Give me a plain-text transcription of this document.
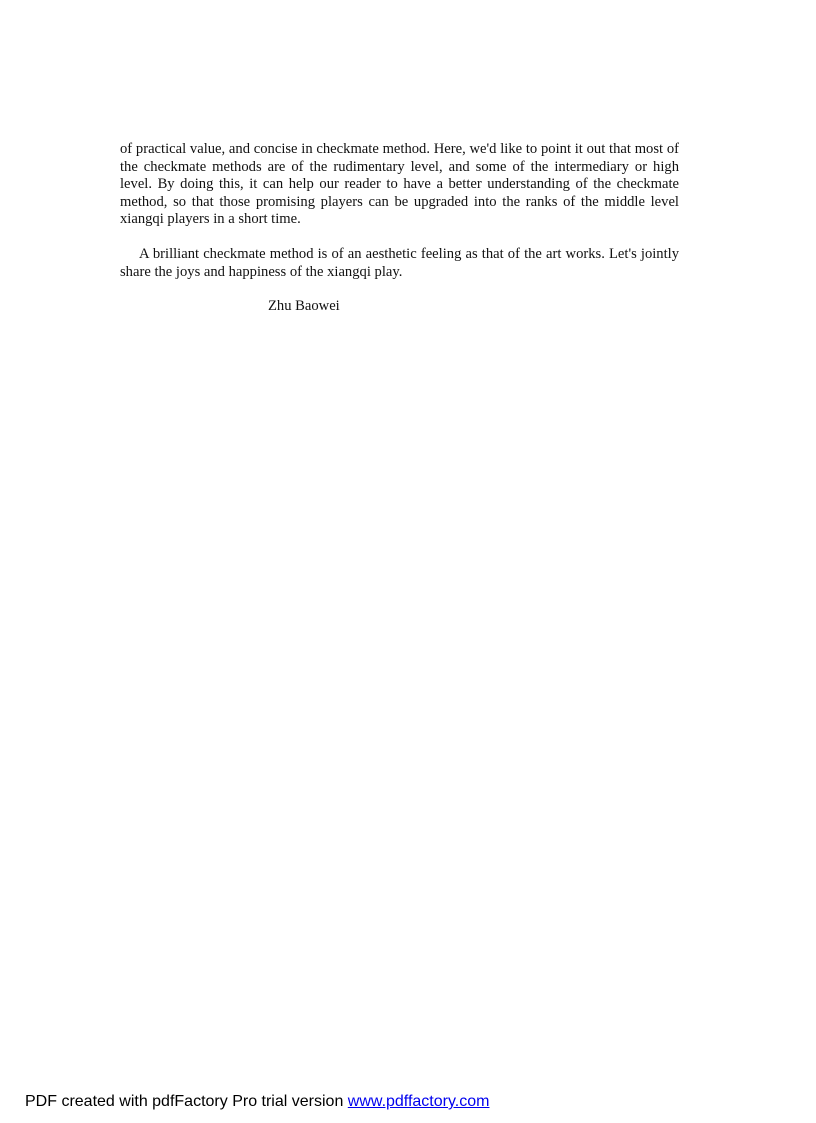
of practical value, and concise in checkmate method. Here, we'd like to point it out that most of the checkmate methods are of the rudimentary level, and some of the intermediary or high level. By doing this, it can help our reader to have a better understanding of the checkmate method, so that those promising players can be upgraded into the ranks of the middle level xiangqi players in a short time.

A brilliant checkmate method is of an aesthetic feeling as that of the art works. Let's jointly share the joys and happiness of the xiangqi play.

Zhu Baowei

PDF created with pdfFactory Pro trial version www.pdffactory.com
